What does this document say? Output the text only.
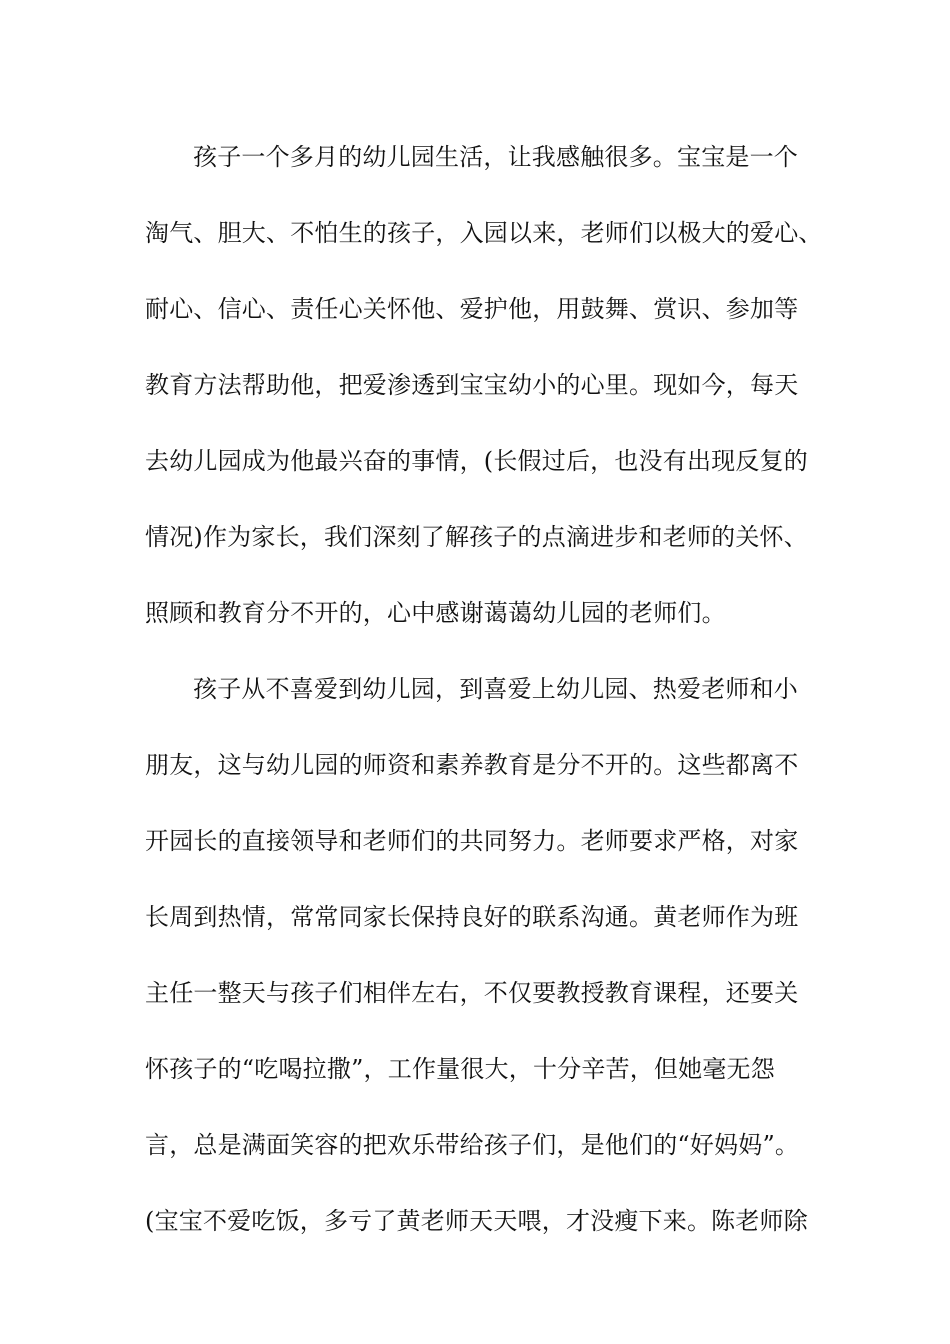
孩子一个多月的幼儿园生活，让我感触很多。宝宝是一个
淘气、胆大、不怕生的孩子，入园以来，老师们以极大的爱心、
耐心、信心、责任心关怀他、爱护他，用鼓舞、赏识、参加等
教育方法帮助他，把爱渗透到宝宝幼小的心里。现如今，每天
去幼儿园成为他最兴奋的事情，(长假过后，也没有出现反复的
情况)作为家长，我们深刻了解孩子的点滴进步和老师的关怀、
照顾和教育分不开的，心中感谢蔼蔼幼儿园的老师们。
孩子从不喜爱到幼儿园，到喜爱上幼儿园、热爱老师和小
朋友，这与幼儿园的师资和素养教育是分不开的。这些都离不
开园长的直接领导和老师们的共同努力。老师要求严格，对家
长周到热情，常常同家长保持良好的联系沟通。黄老师作为班
主任一整天与孩子们相伴左右，不仅要教授教育课程，还要关
怀孩子的“吃喝拉撒”，工作量很大，十分辛苦，但她毫无怨
言，总是满面笑容的把欢乐带给孩子们，是他们的“好妈妈”。
(宝宝不爱吃饭，多亏了黄老师天天喂，才没瘦下来。陈老师除
